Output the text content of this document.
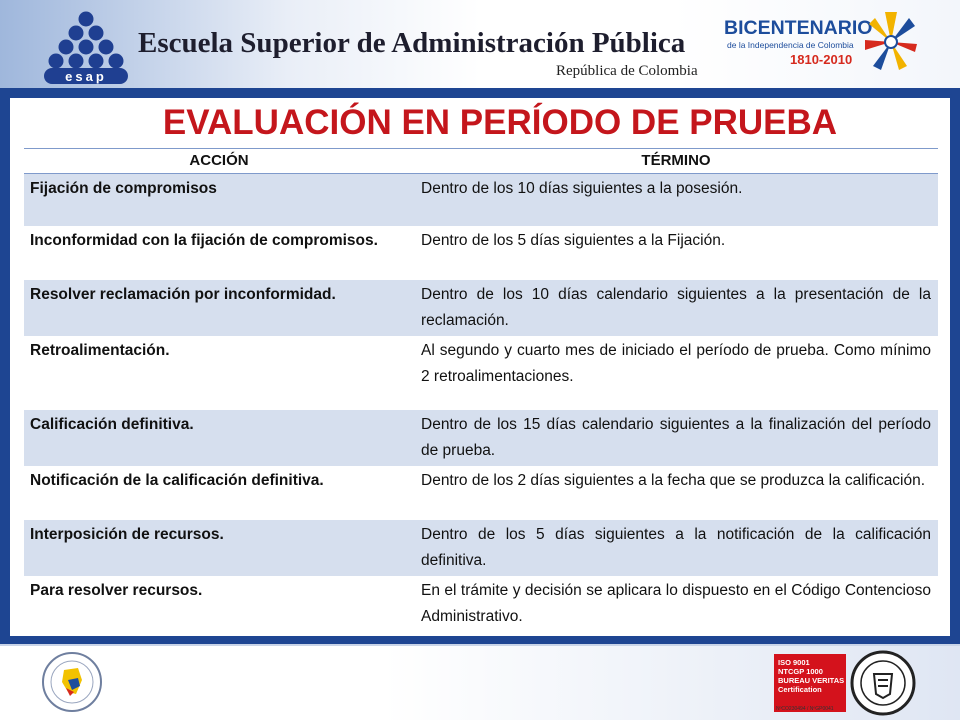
esap
Escuela Superior de Administración Pública
República de Colombia
BICENTENARIO
de la Independencia de Colombia
1810-2010
EVALUACIÓN EN PERÍODO DE PRUEBA
ACCIÓN	TÉRMINO
Fijación de compromisos	Dentro de los 10 días siguientes a la posesión.
Inconformidad con la fijación de compromisos.	Dentro de los 5 días siguientes a la Fijación.
Resolver reclamación por inconformidad.	Dentro de los 10 días calendario siguientes a la presentación de la reclamación.
Retroalimentación.	Al segundo y cuarto mes de iniciado el período de prueba. Como mínimo 2 retroalimentaciones.
Calificación definitiva.	Dentro de los 15 días calendario siguientes a la finalización del período de prueba.
Notificación de la calificación definitiva.	Dentro de los 2 días siguientes a la fecha que se produzca la calificación.
Interposición de recursos.	Dentro de los 5 días siguientes a la notificación de la calificación definitiva.
Para resolver recursos.	En el trámite y decisión se aplicara lo dispuesto en el Código Contencioso Administrativo.
ISO 9001
NTCGP 1000
BUREAU VERITAS
Certification
NºCO230494 / NºGP0041
